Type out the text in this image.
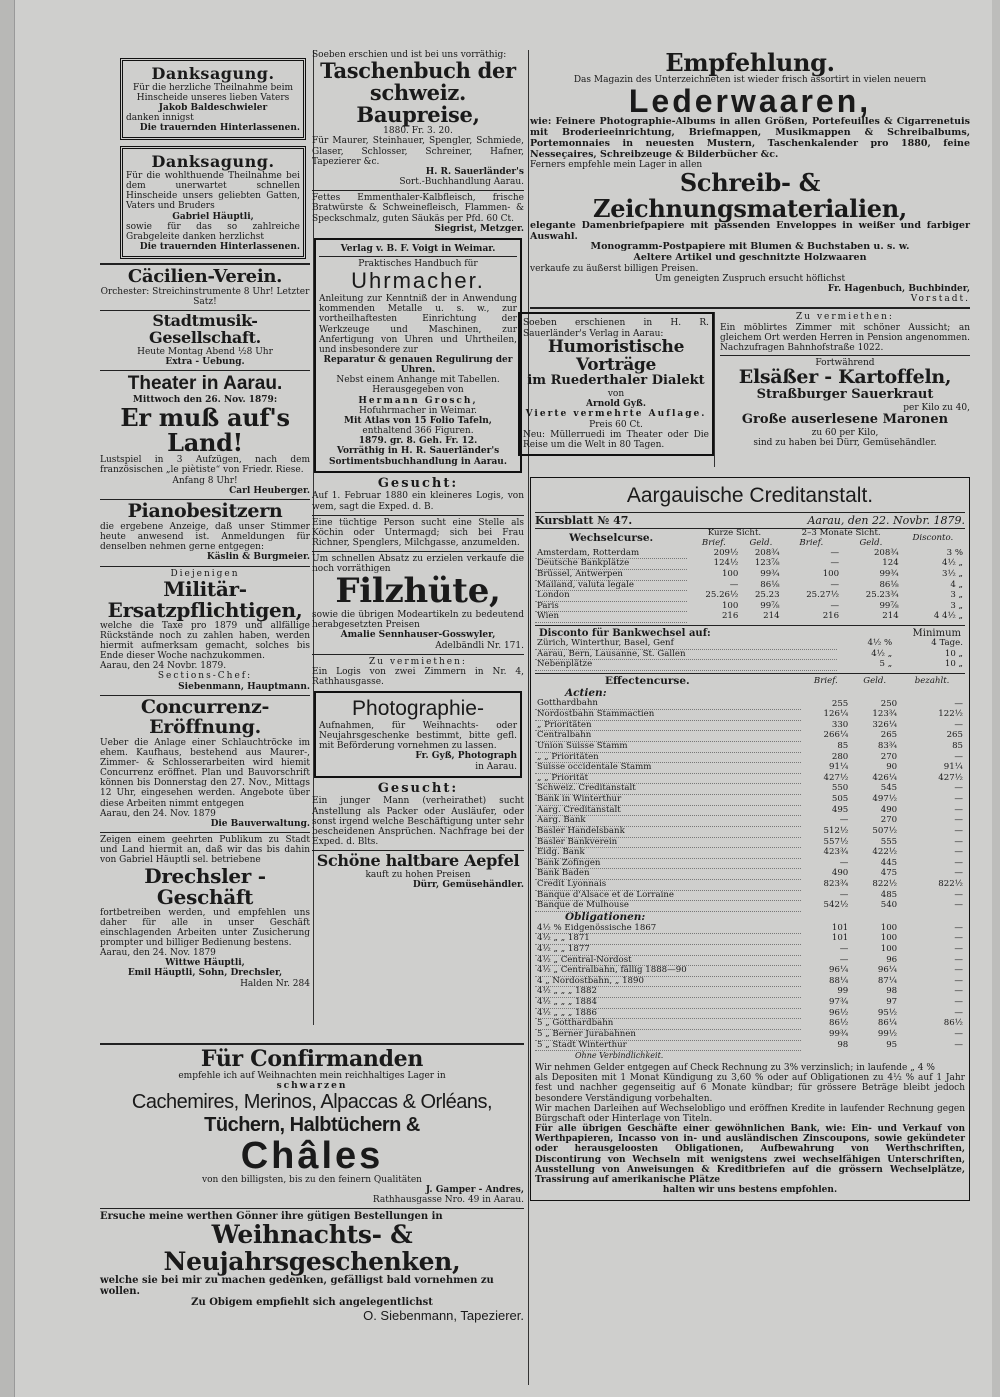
Danksagung.

Für die herzliche Theilnahme beim Hinscheide unseres lieben Vaters

Jakob Baldeschwieler

danken innigst

Die trauernden Hinterlassenen.

Danksagung.

Für die wohlthuende Theilnahme bei dem unerwartet schnellen Hinscheide unsers geliebten Gatten, Vaters und Bruders

Gabriel Häuptli,

sowie für das so zahlreiche Grabgeleite danken herzlichst

Die trauernden Hinterlassenen.

Cäcilien-Verein.

Orchester: Streichinstrumente 8 Uhr! Letzter Satz!

Stadtmusik-Gesellschaft.

Heute Montag Abend ½8 Uhr

Extra - Uebung.

Theater in Aarau.

Mittwoch den 26. Nov. 1879:

Er muß auf's Land!

Lustspiel in 3 Aufzügen, nach dem französischen „le piètiste“ von Friedr. Riese.

Anfang 8 Uhr!

Carl Heuberger.

Pianobesitzern

die ergebene Anzeige, daß unser Stimmer heute anwesend ist. Anmeldungen für denselben nehmen gerne entgegen:

Käslin & Burgmeier.

Diejenigen

Militär-Ersatzpflichtigen,

welche die Taxe pro 1879 und allfällige Rückstände noch zu zahlen haben, werden hiermit aufmerksam gemacht, solches bis Ende dieser Woche nachzukommen.

Aarau, den 24 Novbr. 1879.

Sections-Chef:

Siebenmann, Hauptmann.

Concurrenz-Eröffnung.

Ueber die Anlage einer Schlauchtröcke im ehem. Kaufhaus, bestehend aus Maurer-, Zimmer- & Schlosserarbeiten wird hiemit Concurrenz eröffnet. Plan und Bauvorschrift können bis Donnerstag den 27. Nov., Mittags 12 Uhr, eingesehen werden. Angebote über diese Arbeiten nimmt entgegen

Aarau, den 24. Nov. 1879

Die Bauverwaltung.

Zeigen einem geehrten Publikum zu Stadt und Land hiermit an, daß wir das bis dahin von Gabriel Häuptli sel. betriebene

Drechsler - Geschäft

fortbetreiben werden, und empfehlen uns daher für alle in unser Geschäft einschlagenden Arbeiten unter Zusicherung prompter und billiger Bedienung bestens.

Aarau, den 24. Nov. 1879

Wittwe Häuptli,

Emil Häuptli, Sohn, Drechsler,

Halden Nr. 284

Soeben erschien und ist bei uns vorräthig:

Taschenbuch der schweiz. Baupreise,

1880. Fr. 3. 20.

Für Maurer, Steinhauer, Spengler, Schmiede, Glaser, Schlosser, Schreiner, Hafner, Tapezierer &c.

H. R. Sauerländer's

Sort.-Buchhandlung Aarau.

Fettes Emmenthaler-Kalbfleisch, frische Bratwürste & Schweinefleisch, Flammen- & Speckschmalz, guten Säukäs per Pfd. 60 Ct.

Siegrist, Metzger.

Verlag v. B. F. Voigt in Weimar.

Praktisches Handbuch für

Uhrmacher.

Anleitung zur Kenntniß der in Anwendung kommenden Metalle u. s. w., zur vortheilhaftesten Einrichtung der Werkzeuge und Maschinen, zur Anfertigung von Uhren und Uhrtheilen, und insbesondere zur

Reparatur & genauen Regulirung der Uhren.

Nebst einem Anhange mit Tabellen. Herausgegeben von

Hermann Grosch,

Hofuhrmacher in Weimar.

Mit Atlas von 15 Folio Tafeln,

enthaltend 366 Figuren.

1879. gr. 8. Geh. Fr. 12.

Vorräthig in H. R. Sauerländer's Sortimentsbuchhandlung in Aarau.

Gesucht:

Auf 1. Februar 1880 ein kleineres Logis, von wem, sagt die Exped. d. B.

Eine tüchtige Person sucht eine Stelle als Köchin oder Untermagd; sich bei Frau Richner, Spenglers, Milchgasse, anzumelden.

Um schnellen Absatz zu erzielen verkaufe die noch vorräthigen

Filzhüte,

sowie die übrigen Modeartikeln zu bedeutend herabgesetzten Preisen

Amalie Sennhauser-Gosswyler,

Adelbändli Nr. 171.

Zu vermiethen:

Ein Logis von zwei Zimmern in Nr. 4, Rathhausgasse.

Photographie-

Aufnahmen, für Weihnachts- oder Neujahrsgeschenke bestimmt, bitte gefl. mit Beförderung vornehmen zu lassen.

Fr. Gyß, Photograph

in Aarau.

Gesucht:

Ein junger Mann (verheirathet) sucht Anstellung als Packer oder Ausläufer, oder sonst irgend welche Beschäftigung unter sehr bescheidenen Ansprüchen. Nachfrage bei der Exped. d. Blts.

Schöne haltbare Aepfel

kauft zu hohen Preisen

Dürr, Gemüsehändler.

Für Confirmanden

empfehle ich auf Weihnachten mein reichhaltiges Lager in

schwarzen

Cachemires, Merinos, Alpaccas & Orléans,

Tüchern, Halbtüchern &

Châles

von den billigsten, bis zu den feinern Qualitäten

J. Gamper - Andres,

Rathhausgasse Nro. 49 in Aarau.

Ersuche meine werthen Gönner ihre gütigen Bestellungen in

Weihnachts- & Neujahrsgeschenken,

welche sie bei mir zu machen gedenken, gefälligst bald vornehmen zu wollen.

Zu Obigem empfiehlt sich angelegentlichst

O. Siebenmann, Tapezierer.

Empfehlung.

Das Magazin des Unterzeichneten ist wieder frisch assortirt in vielen neuern

Lederwaaren,

wie: Feinere Photographie-Albums in allen Größen, Portefeuilles & Cigarrenetuis mit Broderieeinrichtung, Briefmappen, Musikmappen & Schreibalbums, Portemonnaies in neuesten Mustern, Taschenkalender pro 1880, feine Nesseçaires, Schreibzeuge & Bilderbücher &c.

Ferners empfehle mein Lager in allen

Schreib- & Zeichnungsmaterialien,

elegante Damenbriefpapiere mit passenden Enveloppes in weißer und farbiger Auswahl.

Monogramm-Postpapiere mit Blumen & Buchstaben u. s. w.

Aeltere Artikel und geschnitzte Holzwaaren

verkaufe zu äußerst billigen Preisen.

Um geneigten Zuspruch ersucht höflichst

Fr. Hagenbuch, Buchbinder,

Vorstadt.

Soeben erschienen in H. R. Sauerländer's Verlag in Aarau:

Humoristische Vorträge

im Ruederthaler Dialekt

von

Arnold Gyß.

Vierte vermehrte Auflage.

Preis 60 Ct.

Neu: Müllerruedi im Theater oder Die Reise um die Welt in 80 Tagen.

Zu vermiethen:

Ein möblirtes Zimmer mit schöner Aussicht; an gleichem Ort werden Herren in Pension angenommen. Nachzufragen Bahnhofstraße 1022.

Fortwährend

Elsäßer - Kartoffeln,

Straßburger Sauerkraut

per Kilo zu 40,

Große auserlesene Maronen

zu 60 per Kilo,

sind zu haben bei Dürr, Gemüsehändler.

Aargauische Creditanstalt.
Kursblatt № 47.	Aarau, den 22. Novbr. 1879.
Wechselcurse.	Kurze Sicht.		2–3 Monate Sicht.		Disconto.
	Brief.	Geld.	Brief.	Geld.	
Amsterdam, Rotterdam	209½	208¾	—	208¾	3 %
Deutsche Bankplätze	124½	123⅞	—	124	4½ „
Brüssel, Antwerpen	100	99¾	100	99¾	3½ „
Mailand, valuta legale	—	86⅛	—	86⅛	4 „
London	25.26½	25.23	25.27½	25.23¾	3 „
Paris	100	99⅞	—	99⅞	3 „
Wien	216	214	216	214	4 4½ „
Disconto für Bankwechsel auf:	Minimum
Zürich, Winterthur, Basel, Genf	4½ %	4 Tage.
Aarau, Bern, Lausanne, St. Gallen	4½ „	10 „
Nebenplätze	5 „	10 „
Effectencurse.	Brief.	Geld.	bezahlt.
Actien:			
Gotthardbahn	255	250	—
Nordostbahn Stammactien	126¼	123¾	122½
„ Prioritäten	330	326¼	—
Centralbahn	266¼	265	265
Union Suisse Stamm	85	83¾	85
„ „ Prioritäten	280	270	—
Suisse occidentale Stamm	91¼	90	91¼
„ „ Priorität	427½	426¼	427½
Schweiz. Creditanstalt	550	545	—
Bank in Winterthur	505	497½	—
Aarg. Creditanstalt	495	490	—
Aarg. Bank	—	270	—
Basler Handelsbank	512½	507½	—
Basler Bankverein	557½	555	—
Eidg. Bank	423¾	422½	—
Bank Zofingen	—	445	—
Bank Baden	490	475	—
Credit Lyonnais	823¾	822½	822½
Banque d'Alsace et de Lorraine	—	485	—
Banque de Mulhouse	542½	540	—
Obligationen:			
4½ % Eidgenössische 1867	101	100	—
4½ „ „ 1871	101	100	—
4½ „ „ 1877	—	100	—
4½ „ Central-Nordost	—	96	—
4½ „ Centralbahn, fällig 1888—90	96¼	96¼	—
4 „ Nordostbahn, „ 1890	88¼	87¼	—
4½ „ „ „ 1882	99	98	—
4½ „ „ „ 1884	97¾	97	—
4½ „ „ „ 1886	96½	95½	—
5 „ Gotthardbahn	86½	86¼	86½
5 „ Berner Jurabahnen	99¾	99½	—
5 „ Stadt Winterthur	98	95	—
Ohne Verbindlichkeit.

Wir nehmen Gelder entgegen auf Check Rechnung zu 3% verzinslich; in laufende „ 4 %

als Depositen mit 1 Monat Kündigung zu 3,60 % oder auf Obligationen zu 4½ % auf 1 Jahr fest und nachher gegenseitig auf 6 Monate kündbar; für grössere Beträge bleibt jedoch besondere Verständigung vorbehalten.

Wir machen Darleihen auf Wechselobligo und eröffnen Kredite in laufender Rechnung gegen Bürgschaft oder Hinterlage von Titeln.

Für alle übrigen Geschäfte einer gewöhnlichen Bank, wie: Ein- und Verkauf von Werthpapieren, Incasso von in- und ausländischen Zinscoupons, sowie gekündeter oder herausgeloosten Obligationen, Aufbewahrung von Werthschriften, Discontirung von Wechseln mit wenigstens zwei wechselfähigen Unterschriften, Ausstellung von Anweisungen & Kreditbriefen auf die grössern Wechselplätze, Trassirung auf amerikanische Plätze

halten wir uns bestens empfohlen.
